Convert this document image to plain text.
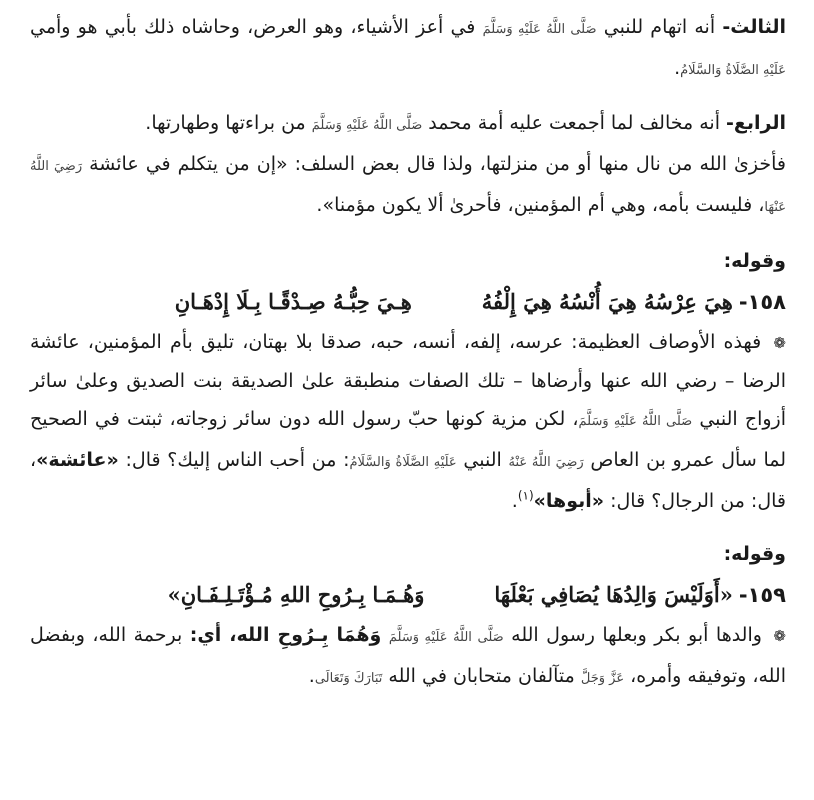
الثالث- أنه اتهام للنبي صَلَّى اللَّهُ عَلَيْهِ وَسَلَّمَ في أعز الأشياء، وهو العرض، وحاشاه ذلك بأبي هو وأمي عَلَيْهِ الصَّلَاةُ وَالسَّلَامُ.

الرابع- أنه مخالف لما أجمعت عليه أمة محمد صَلَّى اللَّهُ عَلَيْهِ وَسَلَّمَ من براءتها وطهارتها.

فأخزىٰ الله من نال منها أو من منزلتها، ولذا قال بعض السلف: «إن من يتكلم في عائشة رَضِيَ اللَّهُ عَنْهَا، فليست بأمه، وهي أم المؤمنين، فأحرىٰ ألا يكون مؤمنا».

وقوله:

١٥٨-
هِيَ عِرْسُهُ هِيَ أُنْسُهُ هِيَ إِلْفُهُ
هِـيَ حِبُّـهُ صِـدْقًـا بِـلَا إِدْهَـانِ

❁ فهذه الأوصاف العظيمة: عرسه، إلفه، أنسه، حبه، صدقا بلا بهتان، تليق بأم المؤمنين، عائشة الرضا – رضي الله عنها وأرضاها – تلك الصفات منطبقة علىٰ الصديقة بنت الصديق وعلىٰ سائر أزواج النبي صَلَّى اللَّهُ عَلَيْهِ وَسَلَّمَ، لكن مزية كونها حبّ رسول الله دون سائر زوجاته، ثبتت في الصحيح لما سأل عمرو بن العاص رَضِيَ اللَّهُ عَنْهُ النبي عَلَيْهِ الصَّلَاةُ وَالسَّلَامُ: من أحب الناس إليك؟ قال: «عائشة»، قال: من الرجال؟ قال: «أبوها»$^{(١)}$.

وقوله:

١٥٩-
«أَوَلَيْسَ وَالِدُهَا يُصَافِي بَعْلَهَا
وَهُـمَـا بِـرُوحِ اللهِ مُـؤْتَـلِـفَـانِ»

❁ والدها أبو بكر وبعلها رسول الله صَلَّى اللَّهُ عَلَيْهِ وَسَلَّمَ وَهُمَا بِـرُوحِ الله، أي: برحمة الله، وبفضل الله، وتوفيقه وأمره، عَزَّ وَجَلَّ متآلفان متحابان في الله تَبَارَكَ وَتَعَالَى.
